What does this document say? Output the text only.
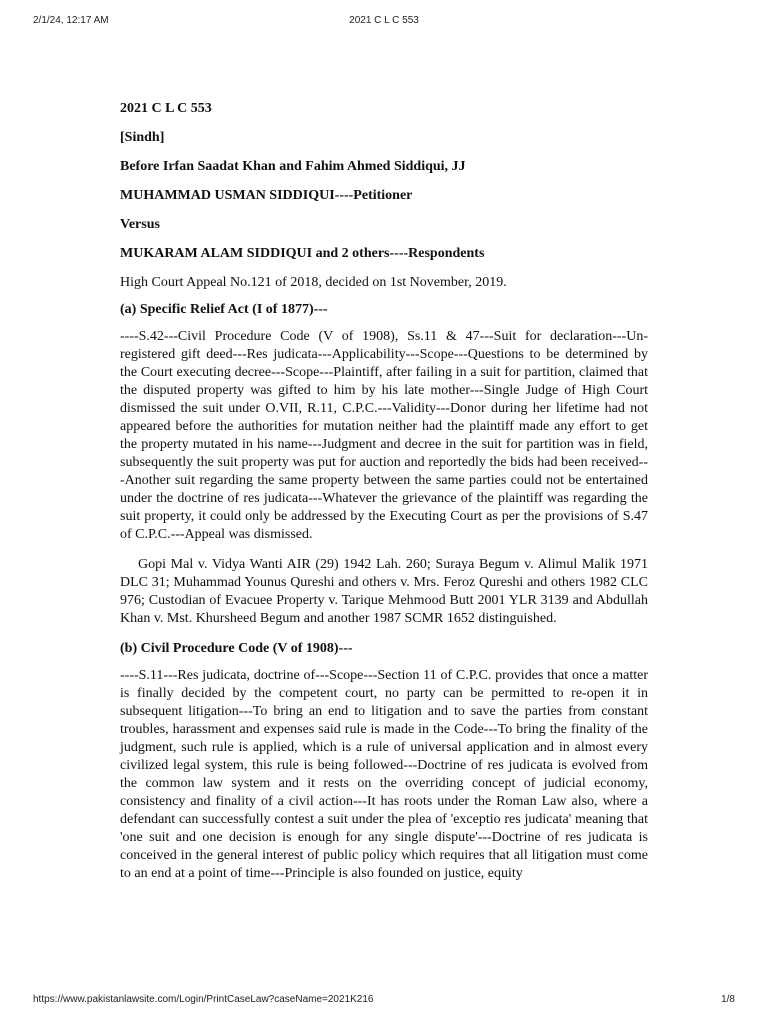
2/1/24, 12:17 AM	2021 C L C 553
2021 C L C 553
[Sindh]
Before Irfan Saadat Khan and Fahim Ahmed Siddiqui, JJ
MUHAMMAD USMAN SIDDIQUI----Petitioner
Versus
MUKARAM ALAM SIDDIQUI and 2 others----Respondents
High Court Appeal No.121 of 2018, decided on 1st November, 2019.
(a) Specific Relief Act (I of 1877)---
----S.42---Civil Procedure Code (V of 1908), Ss.11 & 47---Suit for declaration---Un-registered gift deed---Res judicata---Applicability---Scope---Questions to be determined by the Court executing decree---Scope---Plaintiff, after failing in a suit for partition, claimed that the disputed property was gifted to him by his late mother---Single Judge of High Court dismissed the suit under O.VII, R.11, C.P.C.---Validity---Donor during her lifetime had not appeared before the authorities for mutation neither had the plaintiff made any effort to get the property mutated in his name---Judgment and decree in the suit for partition was in field, subsequently the suit property was put for auction and reportedly the bids had been received---Another suit regarding the same property between the same parties could not be entertained under the doctrine of res judicata---Whatever the grievance of the plaintiff was regarding the suit property, it could only be addressed by the Executing Court as per the provisions of S.47 of C.P.C.---Appeal was dismissed.
Gopi Mal v. Vidya Wanti AIR (29) 1942 Lah. 260; Suraya Begum v. Alimul Malik 1971 DLC 31; Muhammad Younus Qureshi and others v. Mrs. Feroz Qureshi and others 1982 CLC 976; Custodian of Evacuee Property v. Tarique Mehmood Butt 2001 YLR 3139 and Abdullah Khan v. Mst. Khursheed Begum and another 1987 SCMR 1652 distinguished.
(b) Civil Procedure Code (V of 1908)---
----S.11---Res judicata, doctrine of---Scope---Section 11 of C.P.C. provides that once a matter is finally decided by the competent court, no party can be permitted to re-open it in subsequent litigation---To bring an end to litigation and to save the parties from constant troubles, harassment and expenses said rule is made in the Code---To bring the finality of the judgment, such rule is applied, which is a rule of universal application and in almost every civilized legal system, this rule is being followed---Doctrine of res judicata is evolved from the common law system and it rests on the overriding concept of judicial economy, consistency and finality of a civil action---It has roots under the Roman Law also, where a defendant can successfully contest a suit under the plea of 'exceptio res judicata' meaning that 'one suit and one decision is enough for any single dispute'---Doctrine of res judicata is conceived in the general interest of public policy which requires that all litigation must come to an end at a point of time---Principle is also founded on justice, equity
https://www.pakistanlawsite.com/Login/PrintCaseLaw?caseName=2021K216	1/8
